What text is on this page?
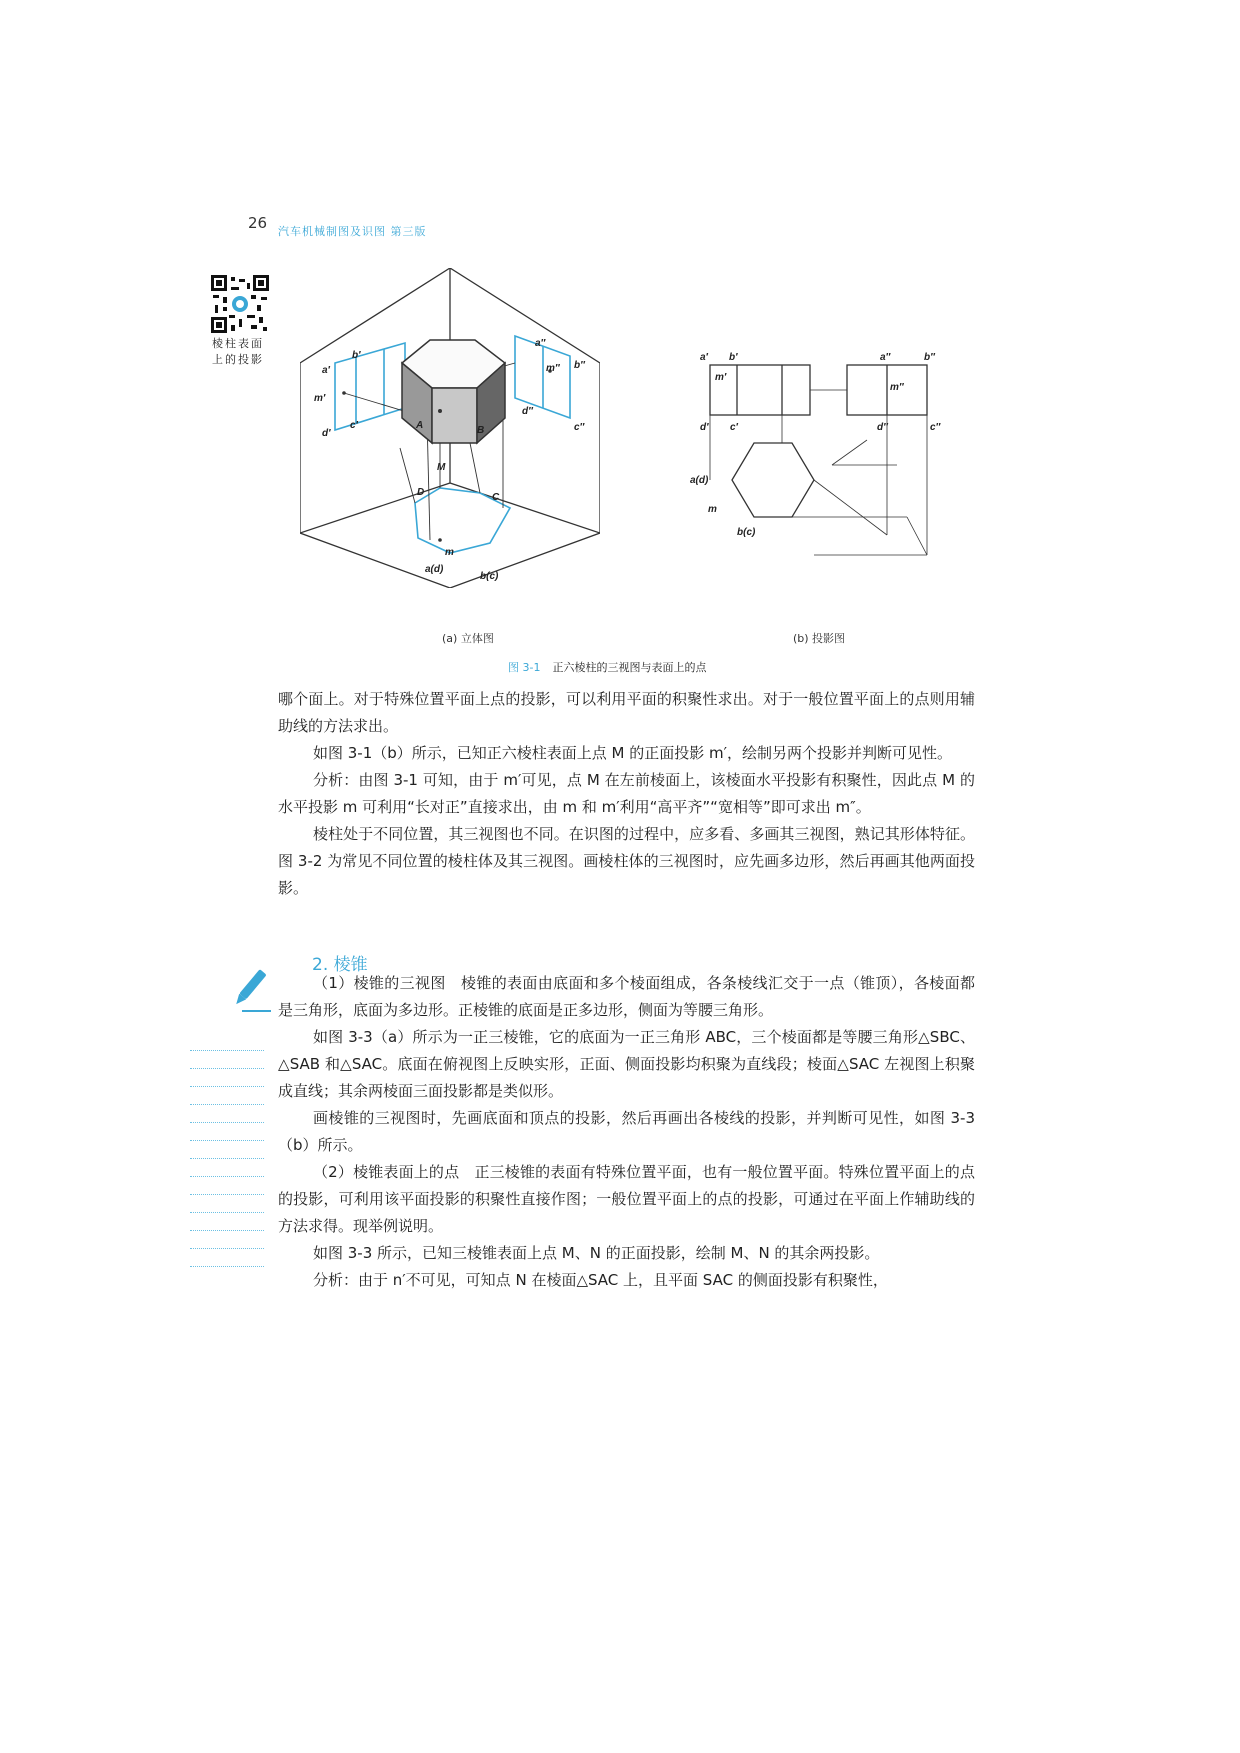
26 汽车机械制图及识图 第三版
棱柱表面上的投影
a′
b′
m′
d′
c′
a″
b″
m″
d″
c″
A	B
M
D	C
m
a(d)
b(c)
a′ b′
m′
d′ c′
a″	b″
m″
d″	c″
a(d)
m
b(c)
(a) 立体图	(b) 投影图
图 3-1 正六棱柱的三视图与表面上的点

哪个面上。对于特殊位置平面上点的投影，可以利用平面的积聚性求出。对于一般位置平面上的点则用辅助线的方法求出。

如图 3-1（b）所示，已知正六棱柱表面上点 M 的正面投影 m′，绘制另两个投影并判断可见性。

分析：由图 3-1 可知，由于 m′可见，点 M 在左前棱面上，该棱面水平投影有积聚性，因此点 M 的水平投影 m 可利用“长对正”直接求出，由 m 和 m′利用“高平齐”“宽相等”即可求出 m″。

棱柱处于不同位置，其三视图也不同。在识图的过程中，应多看、多画其三视图，熟记其形体特征。图 3-2 为常见不同位置的棱柱体及其三视图。画棱柱体的三视图时，应先画多边形，然后再画其他两面投影。

2. 棱锥

（1）棱锥的三视图　棱锥的表面由底面和多个棱面组成，各条棱线汇交于一点（锥顶），各棱面都是三角形，底面为多边形。正棱锥的底面是正多边形，侧面为等腰三角形。

如图 3-3（a）所示为一正三棱锥，它的底面为一正三角形 ABC，三个棱面都是等腰三角形△SBC、△SAB 和△SAC。底面在俯视图上反映实形，正面、侧面投影均积聚为直线段；棱面△SAC 左视图上积聚成直线；其余两棱面三面投影都是类似形。

画棱锥的三视图时，先画底面和顶点的投影，然后再画出各棱线的投影，并判断可见性，如图 3-3（b）所示。

（2）棱锥表面上的点　正三棱锥的表面有特殊位置平面，也有一般位置平面。特殊位置平面上的点的投影，可利用该平面投影的积聚性直接作图；一般位置平面上的点的投影，可通过在平面上作辅助线的方法求得。现举例说明。

如图 3-3 所示，已知三棱锥表面上点 M、N 的正面投影，绘制 M、N 的其余两投影。

分析：由于 n′不可见，可知点 N 在棱面△SAC 上，且平面 SAC 的侧面投影有积聚性，
